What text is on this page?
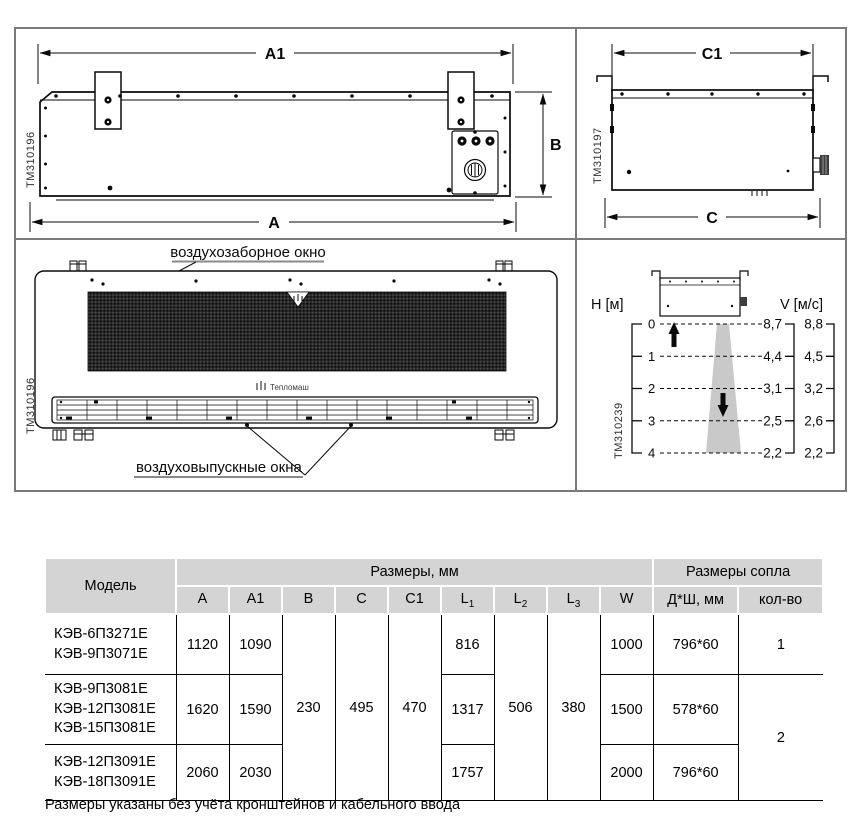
A1
B
A
TM310196
C1
C
TM310197
воздухозаборное окно
Тепломаш
воздуховыпускные окна
TM310196
H [м]	V [м/с]
0
1
2
3
4
8,7
4,4
3,1
2,5
2,2
8,8
4,5
3,2
2,6
2,2
TM310239
Модель	Размеры, мм									Размеры сопла	
	A	A1	B	C	C1	$L_1$	$L_2$	$L_3$	W	Д*Ш, мм	кол-во
КЭВ-6П3271Е
КЭВ-9П3071Е	1120	1090	230	495	470	816	506	380	1000	796*60	1
КЭВ-9П3081Е
КЭВ-12П3081Е
КЭВ-15П3081Е	1620	1590				1317			1500	578*60	2
КЭВ-12П3091Е
КЭВ-18П3091Е	2060	2030				1757			2000	796*60	
Размеры указаны без учёта кронштейнов и кабельного ввода
